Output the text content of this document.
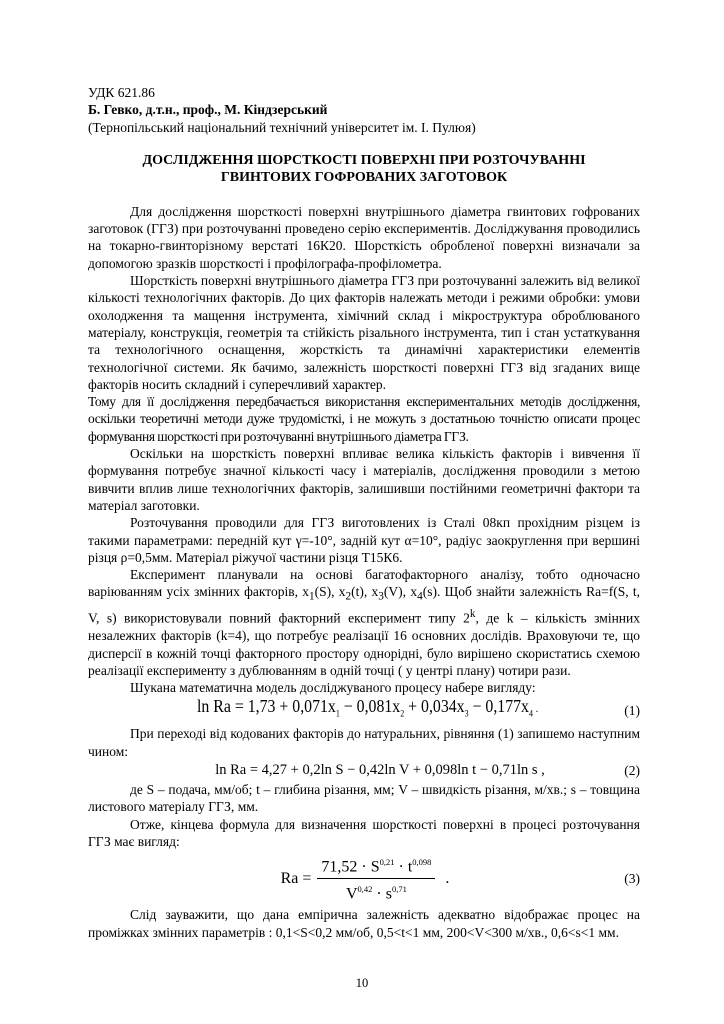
УДК 621.86

Б. Гевко, д.т.н., проф., М. Кіндзерський

(Тернопільський національний технічний університет ім. І. Пулюя)

ДОСЛІДЖЕННЯ ШОРСТКОСТІ ПОВЕРХНІ ПРИ РОЗТОЧУВАННІ
ГВИНТОВИХ ГОФРОВАНИХ ЗАГОТОВОК

Для дослідження шорсткості поверхні внутрішнього діаметра гвинтових гофрованих заготовок (ГГЗ) при розточуванні проведено серію експериментів. Досліджування проводились на токарно-гвинторізному верстаті 16К20. Шорсткість обробленої поверхні визначали за допомогою зразків шорсткості і профілографа-профілометра.

Шорсткість поверхні внутрішнього діаметра ГГЗ при розточуванні залежить від великої кількості технологічних факторів. До цих факторів належать методи і режими обробки: умови охолодження та мащення інструмента, хімічний склад і мікроструктура оброблюваного матеріалу, конструкція, геометрія та стійкість різального інструмента, тип і стан устаткування та технологічного оснащення, жорсткість та динамічні характеристики елементів технологічної системи. Як бачимо, залежність шорсткості поверхні ГГЗ від згаданих вище факторів носить складний і суперечливий характер.

Тому для її дослідження передбачається використання експериментальних методів дослідження, оскільки теоретичні методи дуже трудомісткі, і не можуть з достатньою точністю описати процес формування шорсткості при розточуванні внутрішнього діаметра ГГЗ.

Оскільки на шорсткість поверхні впливає велика кількість факторів і вивчення її формування потребує значної кількості часу і матеріалів, дослідження проводили з метою вивчити вплив лише технологічних факторів, залишивши постійними геометричні фактори та матеріал заготовки.

Розточування проводили для ГГЗ виготовлених із Сталі 08кп прохідним різцем із такими параметрами: передній кут γ=-10°, задній кут α=10°, радіус заокруглення при вершині різця ρ=0,5мм. Матеріал ріжучої частини різця Т15К6.

Експеримент планували на основі багатофакторного аналізу, тобто одночасно варіюванням усіх змінних факторів, $x_1(S)$, $x_2(t)$, $x_3(V)$, $x_4(s)$. Щоб знайти залежність Ra=f(S, t, V, s) використовували повний факторний експеримент типу 2$^k$, де k – кількість змінних незалежних факторів (k=4), що потребує реалізації 16 основних дослідів. Враховуючи те, що дисперсії в кожній точці факторного простору однорідні, було вирішено скористатись схемою реалізації експерименту з дублюванням в одній точці ( у центрі плану) чотири рази.

Шукана математична модель досліджуваного процесу набере вигляду:

$\ln Ra = 1,73 + 0,071x_1 - 0,081x_2 + 0,034x_3 - 0,177x_4$ .	(1)

При переході від кодованих факторів до натуральних, рівняння (1) запишемо наступним чином:

ln Ra = 4,27 + 0,2ln S − 0,42ln V + 0,098ln t − 0,71ln s ,	(2)

де S – подача, мм/об; t – глибина різання, мм; V – швидкість різання, м/хв.; s – товщина листового матеріалу ГГЗ, мм.

Отже, кінцева формула для визначення шорсткості поверхні в процесі розточування ГГЗ має вигляд:

$Ra = \frac{71,52 \cdot S^{0,21} \cdot t^{0,098}}{V^{0,42} \cdot s^{0,71}}$ .	(3)

Слід зауважити, що дана емпірична залежність адекватно відображає процес на проміжках змінних параметрів : 0,1<S<0,2 мм/об, 0,5<t<1 мм, 200<V<300 м/хв., 0,6<s<1 мм.

10
